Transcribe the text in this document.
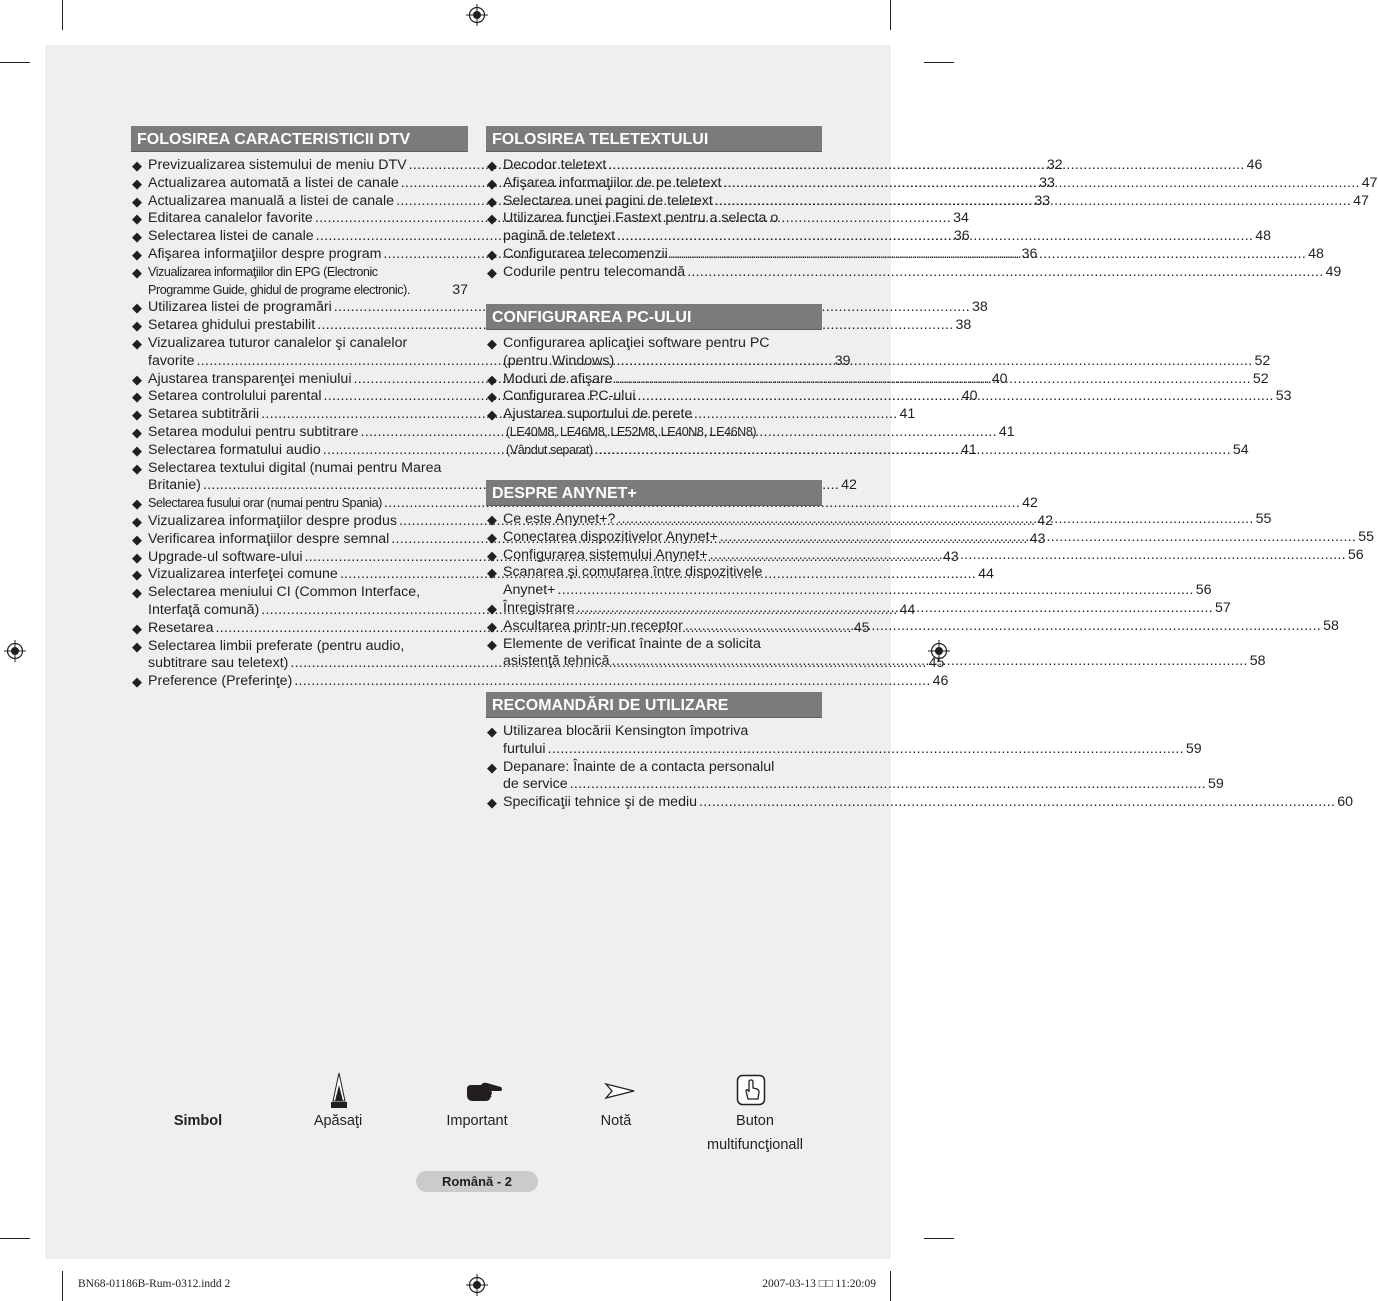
FOLOSIREA CARACTERISTICII DTV
◆ Previzualizarea sistemului de meniu DTV .....	32
◆ Actualizarea automată a listei de canale .....	33
◆ Actualizarea manuală a listei de canale .....	33
◆ Editarea canalelor favorite .....	34
◆ Selectarea listei de canale .....	36
◆ Afişarea informaţiilor despre program .....	36
◆ Vizualizarea informaţiilor din EPG (Electronic
Programme Guide, ghidul de programe electronic).	37
◆ Utilizarea listei de programări .....	38
◆ Setarea ghidului prestabilit .....	38
◆ Vizualizarea tuturor canalelor şi canalelor
favorite .....	39
◆ Ajustarea transparenţei meniului .....	40
◆ Setarea controlului parental .....	40
◆ Setarea subtitrării .....	41
◆ Setarea modului pentru subtitrare .....	41
◆ Selectarea formatului audio .....	41
◆ Selectarea textului digital (numai pentru Marea
Britanie) .....	42
◆ Selectarea fusului orar (numai pentru Spania) .....	42
◆ Vizualizarea informaţiilor despre produs .....	42
◆ Verificarea informaţiilor despre semnal .....	43
◆ Upgrade-ul software-ului .....	43
◆ Vizualizarea interfeţei comune .....	44
◆ Selectarea meniului CI (Common Interface,
Interfaţă comună) .....	44
◆ Resetarea .....	45
◆ Selectarea limbii preferate (pentru audio,
subtitrare sau teletext) .....	45
◆ Preference (Preferinţe) .....	46
FOLOSIREA TELETEXTULUI
◆ Decodor teletext .....	46
◆ Afişarea informaţiilor de pe teletext .....	47
◆ Selectarea unei pagini de teletext .....	47
◆ Utilizarea funcţiei Fastext pentru a selecta o
pagină de teletext .....	48
◆ Configurarea telecomenzii .....	48
◆ Codurile pentru telecomandă .....	49
CONFIGURAREA PC-ULUI
◆ Configurarea aplicaţiei software pentru PC
(pentru Windows) .....	52
◆ Moduri de afişare .....	52
◆ Configurarea PC-ului .....	53
◆ Ajustarea suportului de perete
(LE40M8, LE46M8, LE52M8, LE40N8, LE46N8)
(Vândut separat) .....	54
DESPRE ANYNET+
◆ Ce este Anynet+? .....	55
◆ Conectarea dispozitivelor Anynet+ .....	55
◆ Configurarea sistemului Anynet+ .....	56
◆ Scanarea şi comutarea între dispozitivele
Anynet+ .....	56
◆ Înregistrare .....	57
◆ Ascultarea printr-un receptor .....	58
◆ Elemente de verificat înainte de a solicita
asistenţă tehnică .....	58
RECOMANDĂRI DE UTILIZARE
◆ Utilizarea blocării Kensington împotriva
furtului .....	59
◆ Depanare: Înainte de a contacta personalul
de service .....	59
◆ Specificaţii tehnice şi de mediu .....	60
Simbol	Apăsaţi	Important	Notă	Buton
multifuncţionall
Română - 2
BN68-01186B-Rum-0312.indd 2	2007-03-13 □□ 11:20:09
